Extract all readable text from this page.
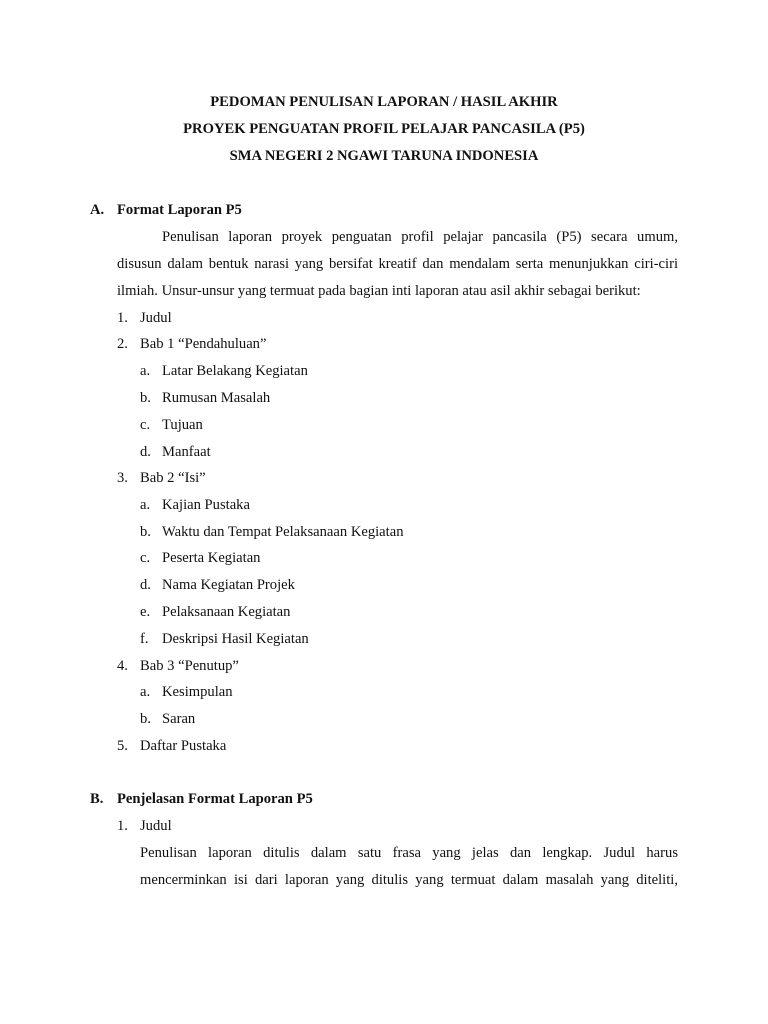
PEDOMAN PENULISAN LAPORAN / HASIL AKHIR
PROYEK PENGUATAN PROFIL PELAJAR PANCASILA (P5)
SMA NEGERI 2 NGAWI TARUNA INDONESIA
A. Format Laporan P5
Penulisan laporan proyek penguatan profil pelajar pancasila (P5) secara umum,
disusun dalam bentuk narasi yang bersifat kreatif dan mendalam serta menunjukkan ciri-ciri
ilmiah. Unsur-unsur yang termuat pada bagian inti laporan atau asil akhir sebagai berikut:
1. Judul
2. Bab 1 “Pendahuluan”
a. Latar Belakang Kegiatan
b. Rumusan Masalah
c. Tujuan
d. Manfaat
3. Bab 2 “Isi”
a. Kajian Pustaka
b. Waktu dan Tempat Pelaksanaan Kegiatan
c. Peserta Kegiatan
d. Nama Kegiatan Projek
e. Pelaksanaan Kegiatan
f. Deskripsi Hasil Kegiatan
4. Bab 3 “Penutup”
a. Kesimpulan
b. Saran
5. Daftar Pustaka
B. Penjelasan Format Laporan P5
1. Judul
Penulisan laporan ditulis dalam satu frasa yang jelas dan lengkap. Judul harus
mencerminkan isi dari laporan yang ditulis yang termuat dalam masalah yang diteliti,
